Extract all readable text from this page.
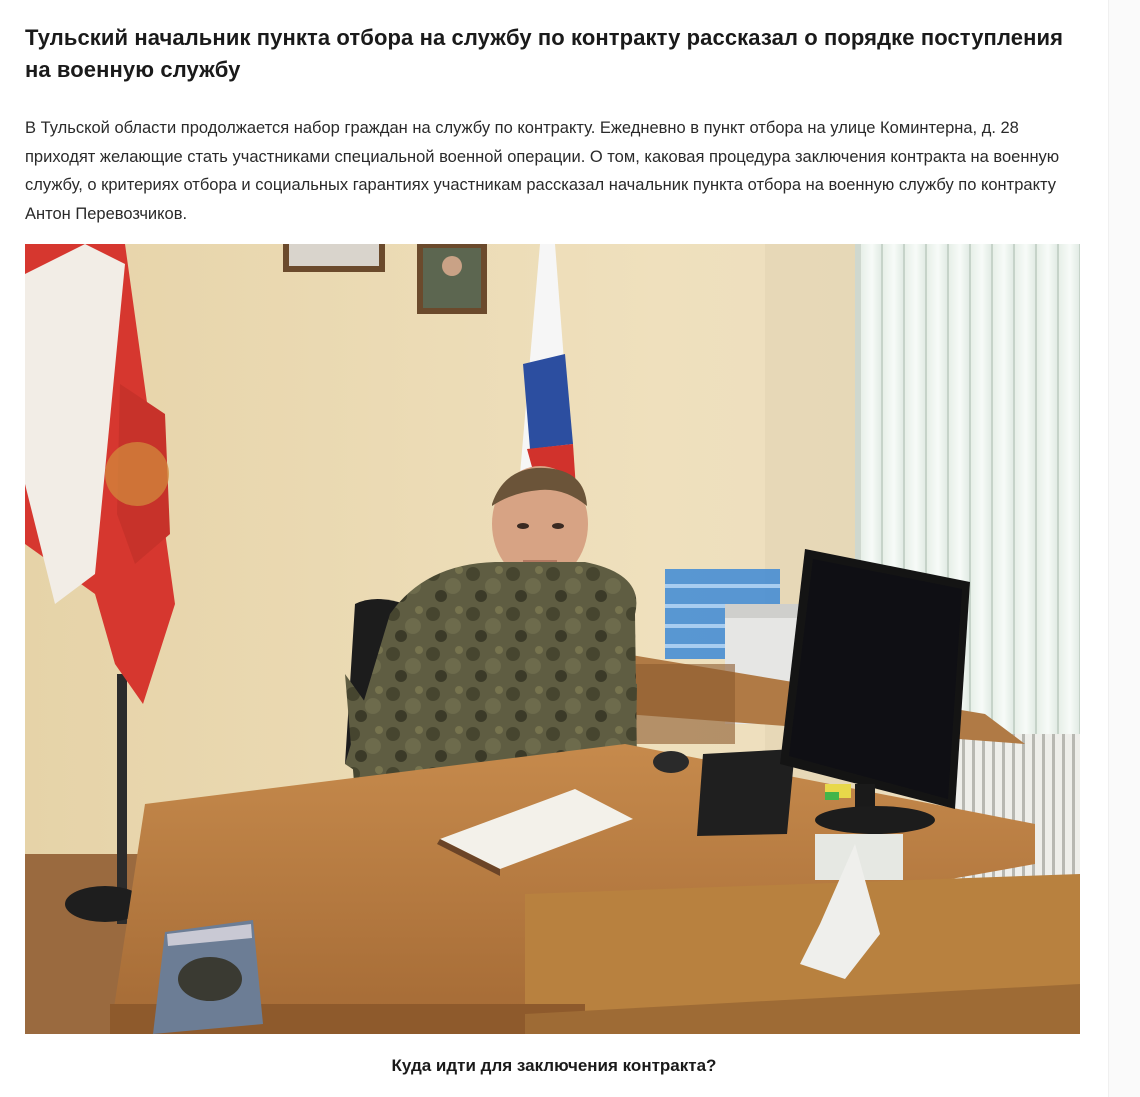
Тульский начальник пункта отбора на службу по контракту рассказал о порядке поступления на военную службу

В Тульской области продолжается набор граждан на службу по контракту. Ежедневно в пункт отбора на улице Коминтерна, д. 28 приходят желающие стать участниками специальной военной операции. О том, каковая процедура заключения контракта на военную службу, о критериях отбора и социальных гарантиях участникам рассказал начальник пункта отбора на военную службу по контракту Антон Перевозчиков.

Куда идти для заключения контракта?
